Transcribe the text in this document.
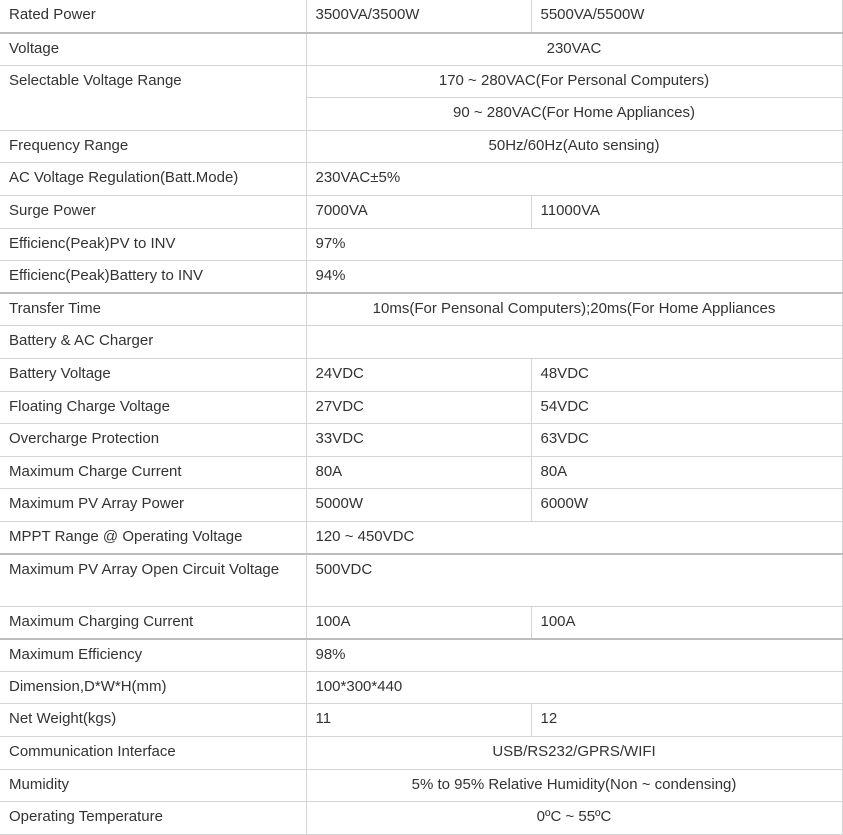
Rated Power	3500VA/3500W	5500VA/5500W
Voltage	230VAC	
Selectable Voltage Range	170 ~ 280VAC(For Personal Computers)	
	90 ~ 280VAC(For Home Appliances)	
Frequency Range	50Hz/60Hz(Auto sensing)	
AC Voltage Regulation(Batt.Mode)	230VAC±5%	
Surge Power	7000VA	11000VA
Efficienc(Peak)PV to INV	97%	
Efficienc(Peak)Battery to INV	94%	
Transfer Time	10ms(For Pensonal Computers);20ms(For Home Appliances	
Battery & AC Charger		
Battery Voltage	24VDC	48VDC
Floating Charge Voltage	27VDC	54VDC
Overcharge Protection	33VDC	63VDC
Maximum Charge Current	80A	80A
Maximum PV Array Power	5000W	6000W
MPPT Range @ Operating Voltage	120 ~ 450VDC	
Maximum PV Array Open Circuit Voltage	500VDC	
Maximum Charging Current	100A	100A
Maximum Efficiency	98%	
Dimension,D*W*H(mm)	100*300*440	
Net Weight(kgs)	11	12
Communication Interface	USB/RS232/GPRS/WIFI	
Mumidity	5% to 95% Relative Humidity(Non ~ condensing)	
Operating Temperature	0ºC ~ 55ºC	
